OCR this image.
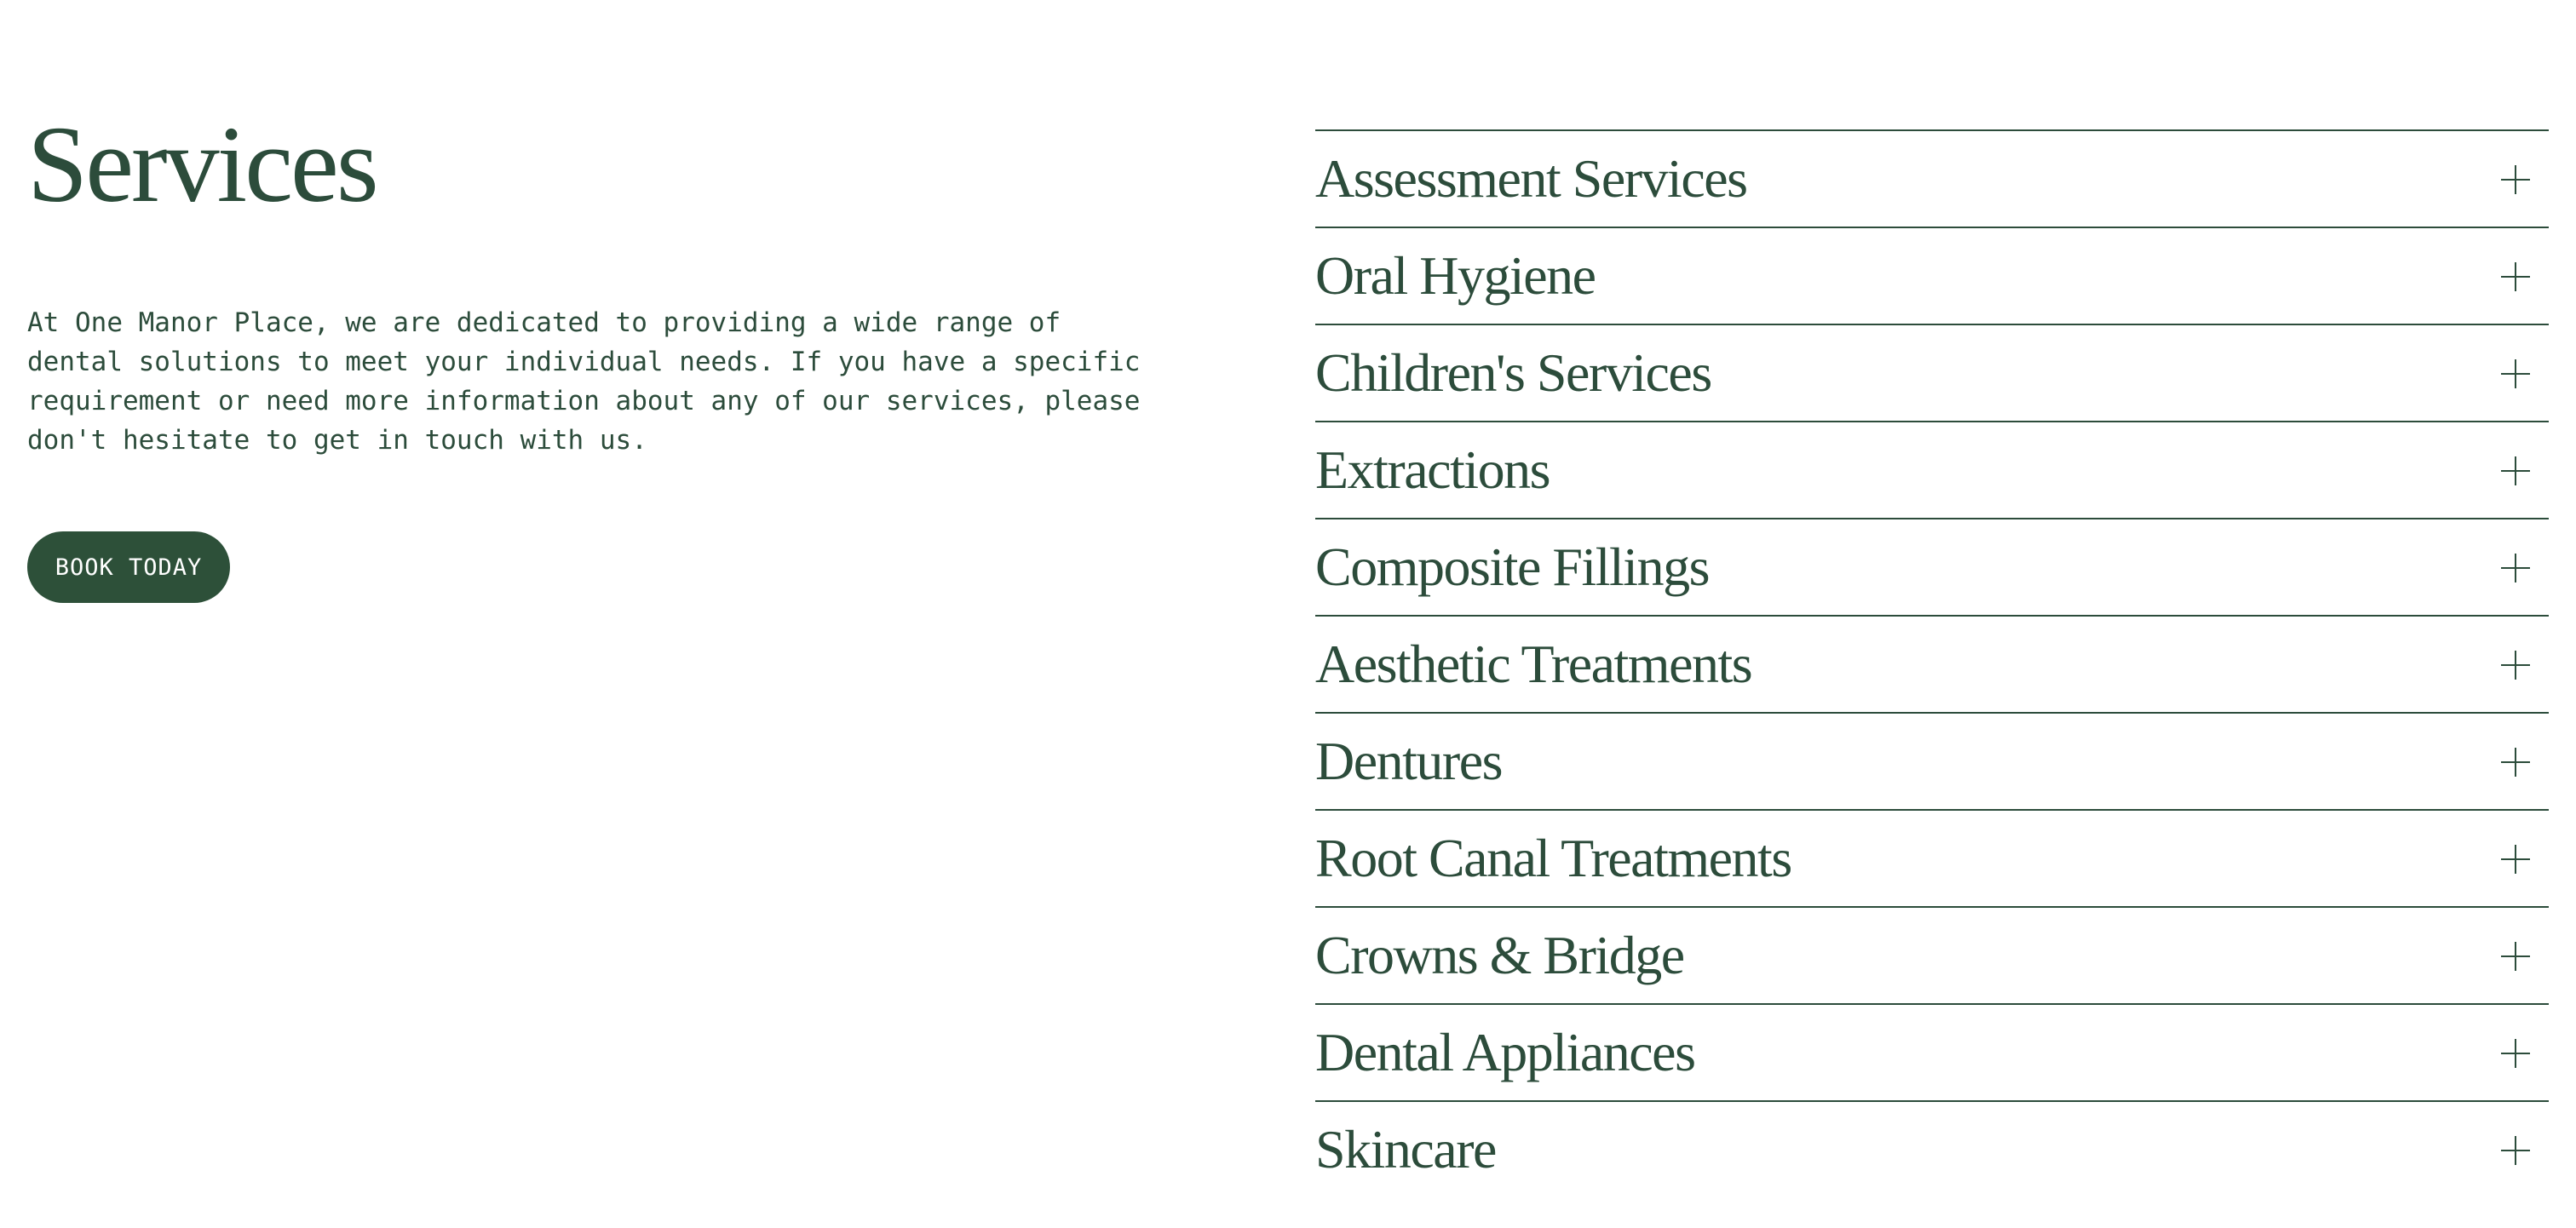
Services

At One Manor Place, we are dedicated to providing a wide range of dental solutions to meet your individual needs. If you have a specific requirement or need more information about any of our services, please don't hesitate to get in touch with us.

BOOK TODAY
Assessment Services
Oral Hygiene
Children's Services
Extractions
Composite Fillings
Aesthetic Treatments
Dentures
Root Canal Treatments
Crowns & Bridge
Dental Appliances
Skincare
